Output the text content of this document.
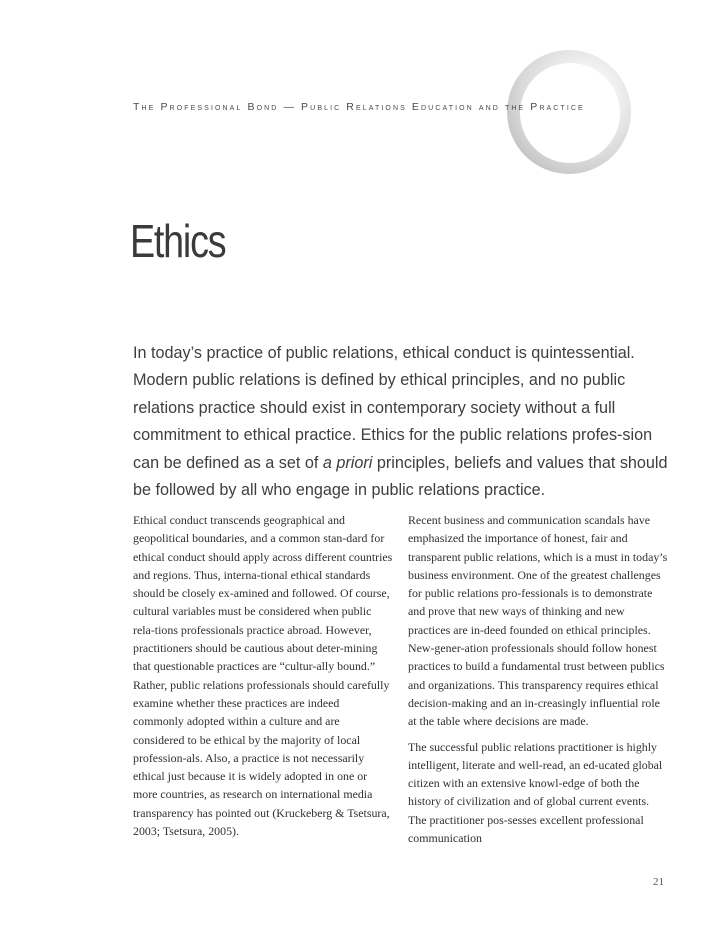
The Professional Bond — Public Relations Education and the Practice
Ethics

In today’s practice of public relations, ethical conduct is quintessential. Modern public relations is defined by ethical principles, and no public relations practice should exist in contemporary society without a full commitment to ethical practice. Ethics for the public relations profes-sion can be defined as a set of a priori principles, beliefs and values that should be followed by all who engage in public relations practice.

Ethical conduct transcends geographical and geopolitical boundaries, and a common stan-dard for ethical conduct should apply across different countries and regions. Thus, interna-tional ethical standards should be closely ex-amined and followed. Of course, cultural variables must be considered when public rela-tions professionals practice abroad. However, practitioners should be cautious about deter-mining that questionable practices are “cultur-ally bound.” Rather, public relations professionals should carefully examine whether these practices are indeed commonly adopted within a culture and are considered to be ethical by the majority of local profession-als. Also, a practice is not necessarily ethical just because it is widely adopted in one or more countries, as research on international media transparency has pointed out (Kruckeberg & Tsetsura, 2003; Tsetsura, 2005).

Recent business and communication scandals have emphasized the importance of honest, fair and transparent public relations, which is a must in today’s business environment. One of the greatest challenges for public relations pro-fessionals is to demonstrate and prove that new ways of thinking and new practices are in-deed founded on ethical principles. New-gener-ation professionals should follow honest practices to build a fundamental trust between publics and organizations. This transparency requires ethical decision-making and an in-creasingly influential role at the table where decisions are made.

The successful public relations practitioner is highly intelligent, literate and well-read, an ed-ucated global citizen with an extensive knowl-edge of both the history of civilization and of global current events. The practitioner pos-sesses excellent professional communication

21
